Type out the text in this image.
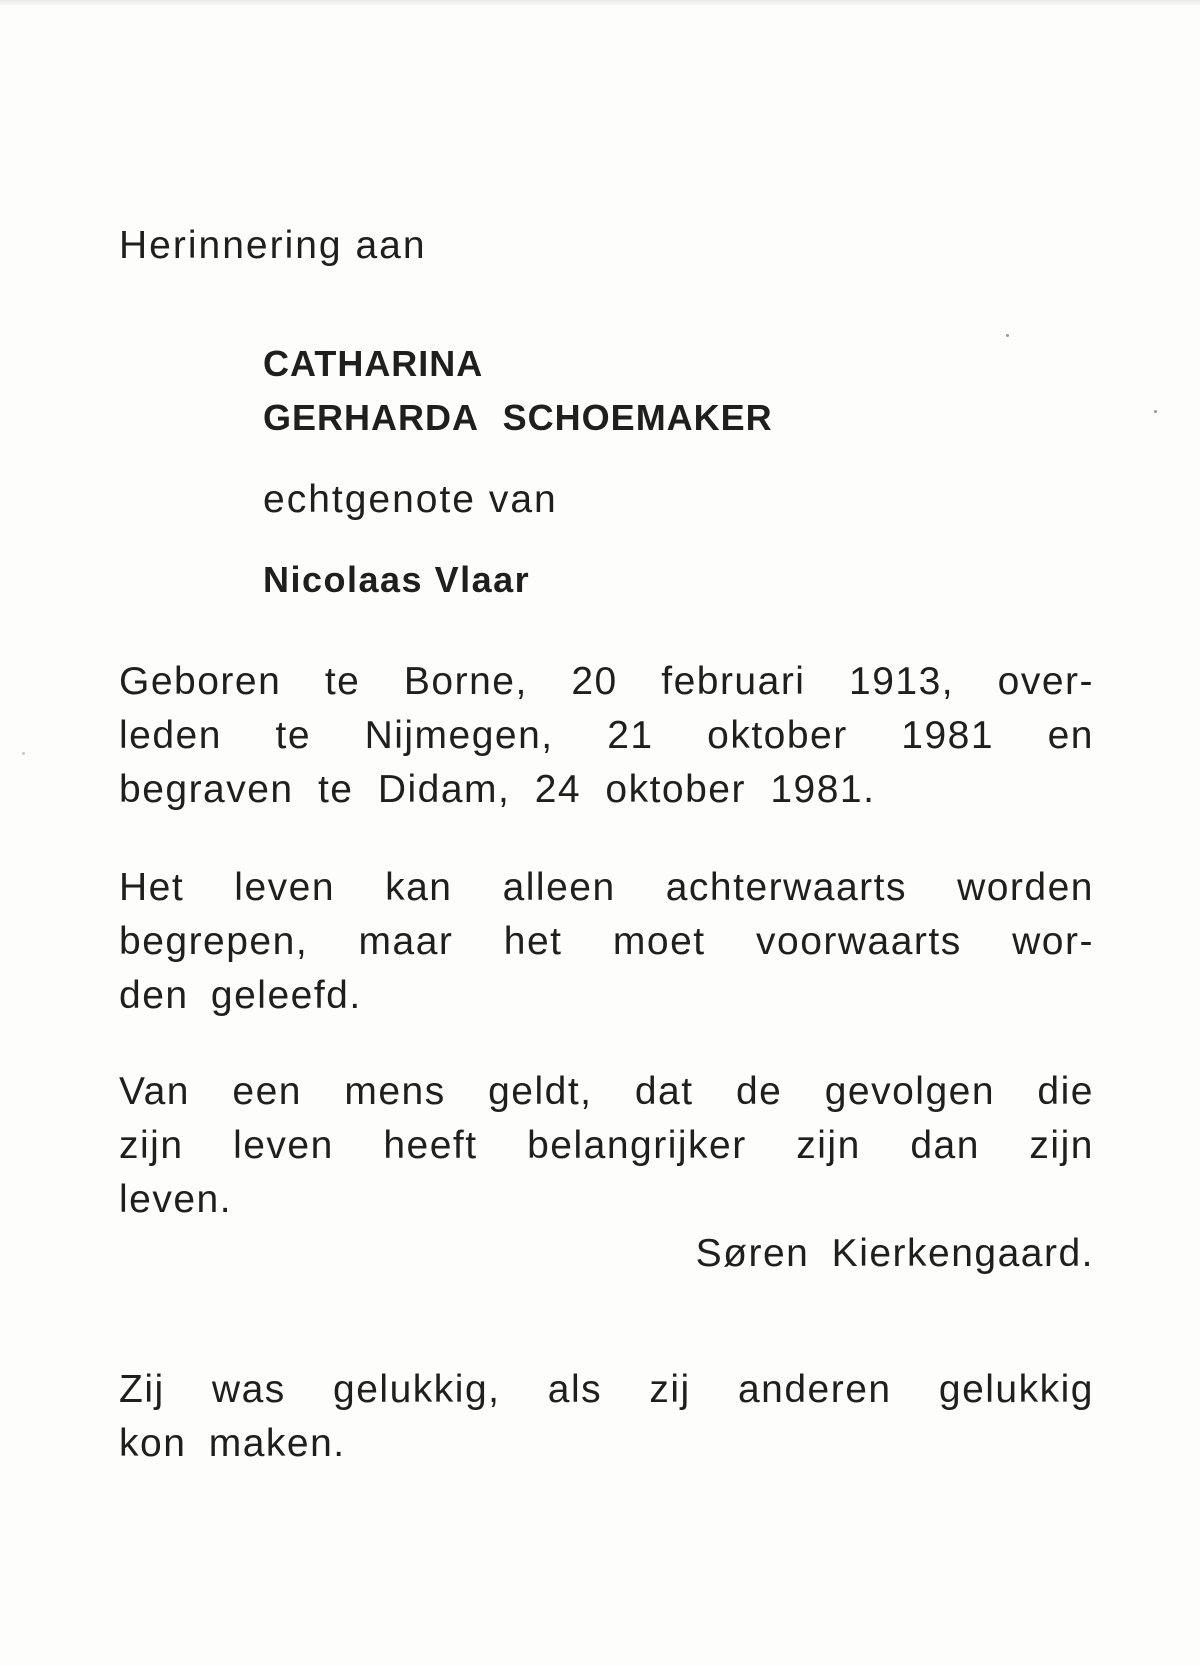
Herinnering aan
CATHARINA
GERHARDA SCHOEMAKER
echtgenote van
Nicolaas Vlaar
Geboren te Borne, 20 februari 1913, over-
leden te Nijmegen, 21 oktober 1981 en
begraven te Didam, 24 oktober 1981.
Het leven kan alleen achterwaarts worden
begrepen, maar het moet voorwaarts wor-
den geleefd.
Van een mens geldt, dat de gevolgen die
zijn leven heeft belangrijker zijn dan zijn
leven.
Søren Kierkengaard.
Zij was gelukkig, als zij anderen gelukkig
kon maken.
